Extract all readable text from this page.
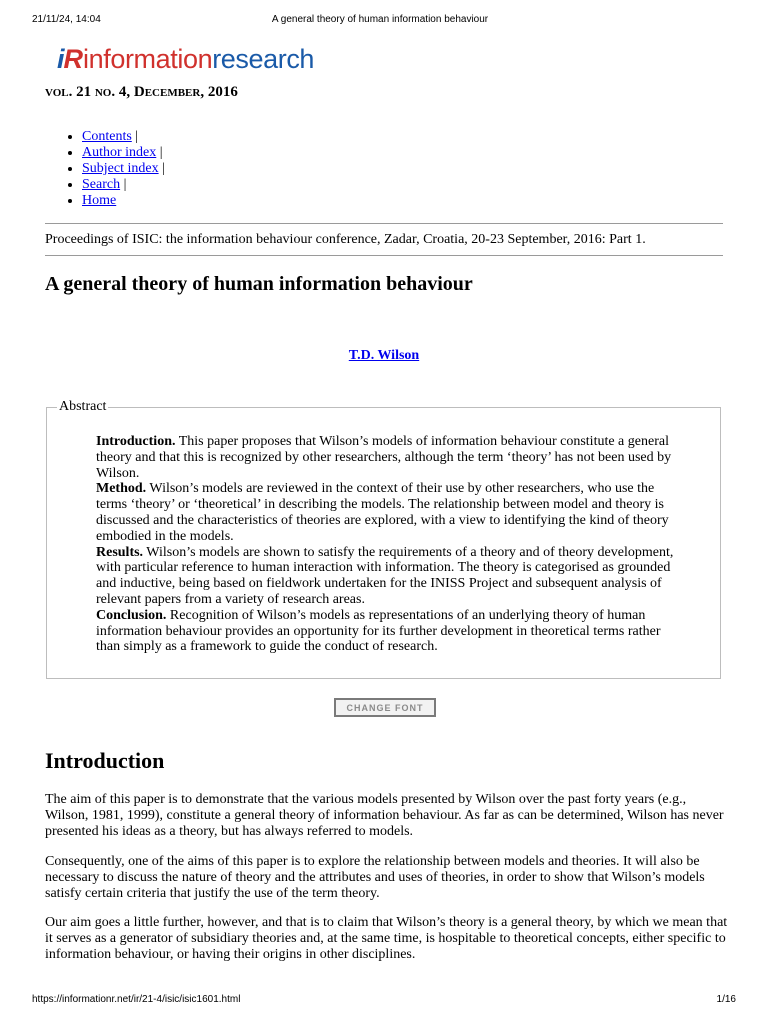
21/11/24, 14:04	A general theory of human information behaviour
iR informationresearch
vol. 21 no. 4, December, 2016
• Contents |
• Author index |
• Subject index |
• Search |
• Home
Proceedings of ISIC: the information behaviour conference, Zadar, Croatia, 20-23 September, 2016: Part 1.
A general theory of human information behaviour
T.D. Wilson
Abstract

Introduction. This paper proposes that Wilson’s models of information behaviour constitute a general theory and that this is recognized by other researchers, although the term ‘theory’ has not been used by Wilson.

Method. Wilson’s models are reviewed in the context of their use by other researchers, who use the terms ‘theory’ or ‘theoretical’ in describing the models. The relationship between model and theory is discussed and the characteristics of theories are explored, with a view to identifying the kind of theory embodied in the models.

Results. Wilson’s models are shown to satisfy the requirements of a theory and of theory development, with particular reference to human interaction with information. The theory is categorised as grounded and inductive, being based on fieldwork undertaken for the INISS Project and subsequent analysis of relevant papers from a variety of research areas.

Conclusion. Recognition of Wilson’s models as representations of an underlying theory of human information behaviour provides an opportunity for its further development in theoretical terms rather than simply as a framework to guide the conduct of research.

CHANGE FONT
Introduction

The aim of this paper is to demonstrate that the various models presented by Wilson over the past forty years (e.g., Wilson, 1981, 1999), constitute a general theory of information behaviour. As far as can be determined, Wilson has never presented his ideas as a theory, but has always referred to models.

Consequently, one of the aims of this paper is to explore the relationship between models and theories. It will also be necessary to discuss the nature of theory and the attributes and uses of theories, in order to show that Wilson’s models satisfy certain criteria that justify the use of the term theory.

Our aim goes a little further, however, and that is to claim that Wilson’s theory is a general theory, by which we mean that it serves as a generator of subsidiary theories and, at the same time, is hospitable to theoretical concepts, either specific to information behaviour, or having their origins in other disciplines.

https://informationr.net/ir/21-4/isic/isic1601.html	1/16
